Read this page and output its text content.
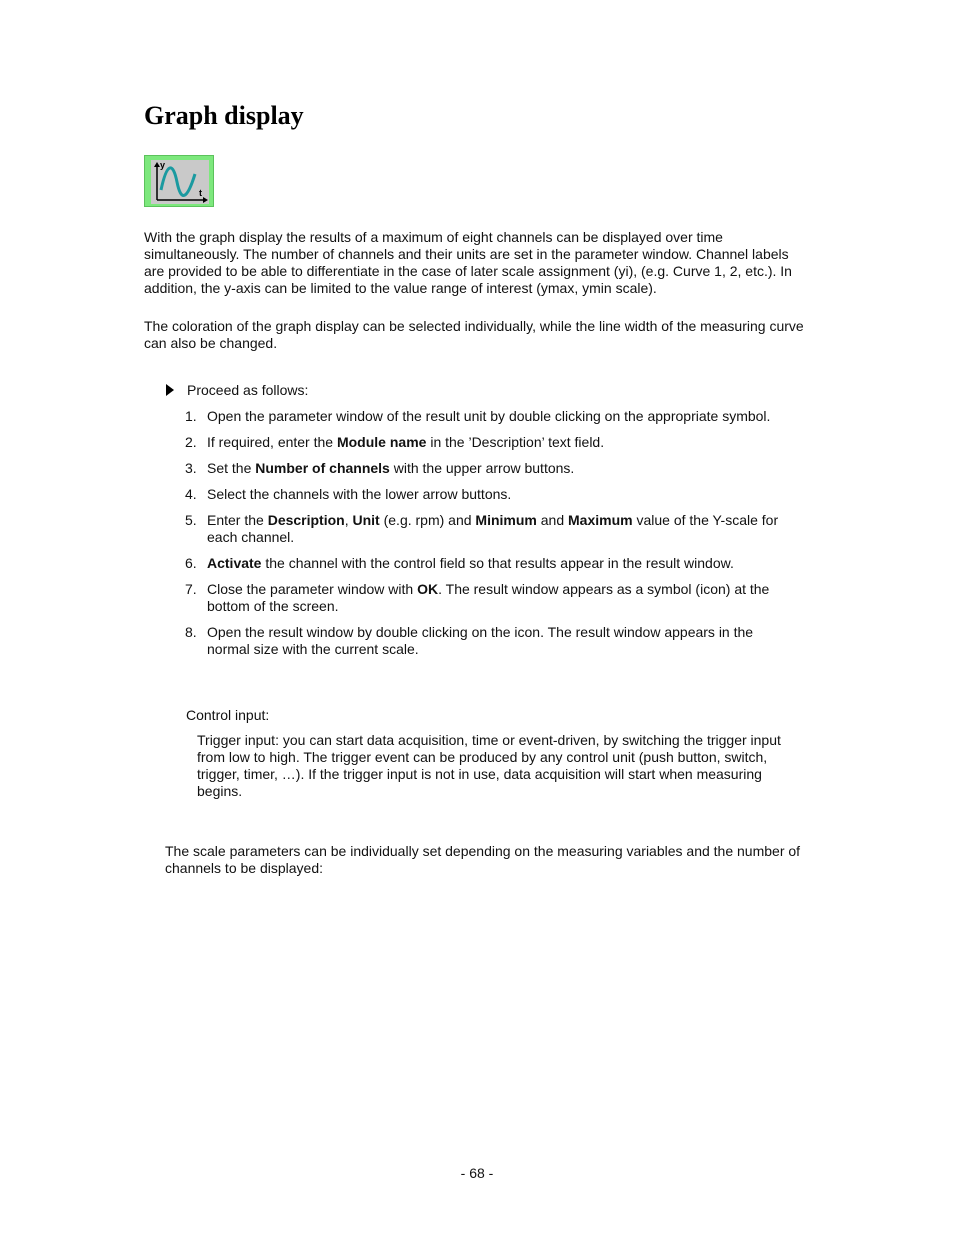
Graph display
y
t

With the graph display the results of a maximum of eight channels can be displayed over time simultaneously. The number of channels and their units are set in the parameter window. Channel labels are provided to be able to differentiate in the case of later scale assignment (yi), (e.g. Curve 1, 2, etc.). In addition, the y-axis can be limited to the value range of interest (ymax, ymin scale).

The coloration of the graph display can be selected individually, while the line width of the measuring curve can also be changed.

Proceed as follows:
1. Open the parameter window of the result unit by double clicking on the appropriate symbol.
2. If required, enter the Module name in the ’Description’ text field.
3. Set the Number of channels with the upper arrow buttons.
4. Select the channels with the lower arrow buttons.
5. Enter the Description, Unit (e.g. rpm) and Minimum and Maximum value of the Y-scale for each channel.
6. Activate the channel with the control field so that results appear in the result window.
7. Close the parameter window with OK. The result window appears as a symbol (icon) at the bottom of the screen.
8. Open the result window by double clicking on the icon. The result window appears in the normal size with the current scale.
Control input:

Trigger input: you can start data acquisition, time or event-driven, by switching the trigger input from low to high. The trigger event can be produced by any control unit (push button, switch, trigger, timer, …). If the trigger input is not in use, data acquisition will start when measuring begins.

The scale parameters can be individually set depending on the measuring variables and the number of channels to be displayed:

- 68 -
